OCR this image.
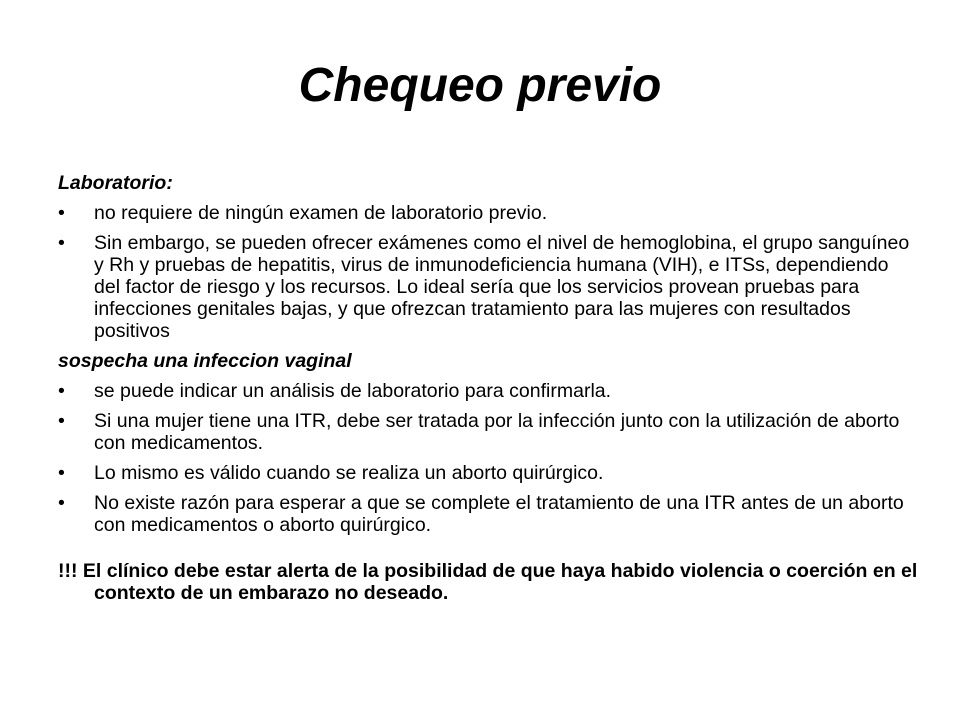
Chequeo previo
Laboratorio:
•	no requiere de ningún examen de laboratorio previo.
•	Sin embargo, se pueden ofrecer exámenes como el nivel de hemoglobina, el grupo sanguíneo y Rh y pruebas de hepatitis, virus de inmunodeficiencia humana (VIH), e ITSs, dependiendo del factor de riesgo y los recursos. Lo ideal sería que los servicios provean pruebas para infecciones genitales bajas, y que ofrezcan tratamiento para las mujeres con resultados positivos
sospecha una infeccion vaginal
•	se puede indicar un análisis de laboratorio para confirmarla.
•	Si una mujer tiene una ITR, debe ser tratada por la infección junto con la utilización de aborto con medicamentos.
•	Lo mismo es válido cuando se realiza un aborto quirúrgico.
•	No existe razón para esperar a que se complete el tratamiento de una ITR antes de un aborto con medicamentos o aborto quirúrgico.
!!! El clínico debe estar alerta de la posibilidad de que haya habido violencia o coerción en el contexto de un embarazo no deseado.
